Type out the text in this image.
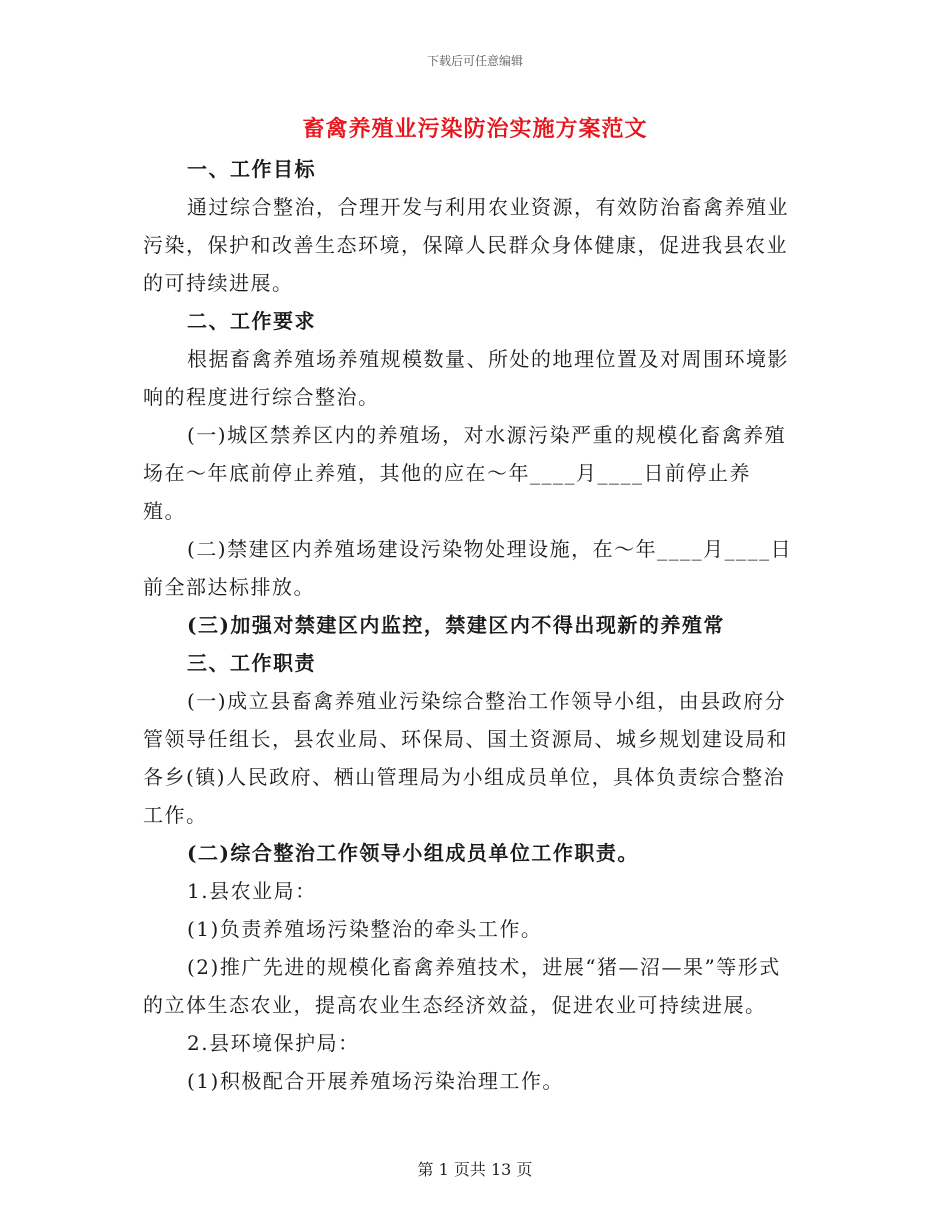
下载后可任意编辑
畜禽养殖业污染防治实施方案范文

一、工作目标

通过综合整治，合理开发与利用农业资源，有效防治畜禽养殖业污染，保护和改善生态环境，保障人民群众身体健康，促进我县农业的可持续进展。

二、工作要求

根据畜禽养殖场养殖规模数量、所处的地理位置及对周围环境影响的程度进行综合整治。

(一)城区禁养区内的养殖场，对水源污染严重的规模化畜禽养殖场在～年底前停止养殖，其他的应在～年____月____日前停止养殖。

(二)禁建区内养殖场建设污染物处理设施，在～年____月____日前全部达标排放。

(三)加强对禁建区内监控，禁建区内不得出现新的养殖常

三、工作职责

(一)成立县畜禽养殖业污染综合整治工作领导小组，由县政府分管领导任组长，县农业局、环保局、国土资源局、城乡规划建设局和各乡(镇)人民政府、栖山管理局为小组成员单位，具体负责综合整治工作。

(二)综合整治工作领导小组成员单位工作职责。

1.县农业局：

(1)负责养殖场污染整治的牵头工作。

(2)推广先进的规模化畜禽养殖技术，进展“猪—沼—果”等形式的立体生态农业，提高农业生态经济效益，促进农业可持续进展。

2.县环境保护局：

(1)积极配合开展养殖场污染治理工作。

第 1 页共 13 页
